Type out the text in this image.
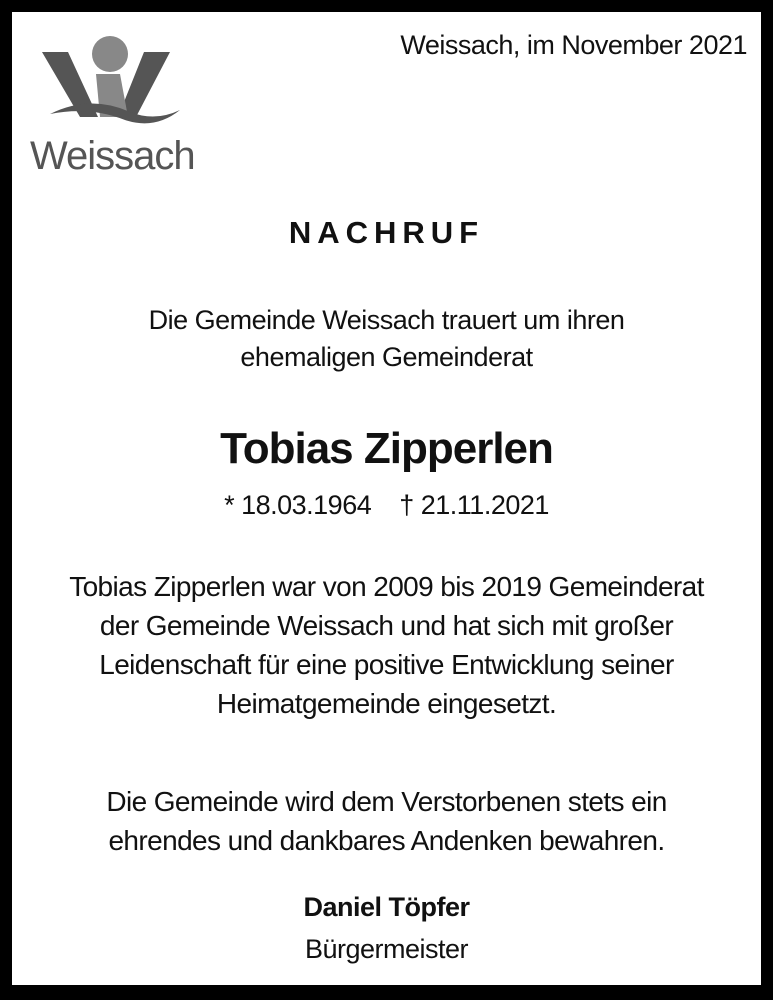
Weissach
Weissach, im November 2021
NACHRUF
Die Gemeinde Weissach trauert um ihren
ehemaligen Gemeinderat
Tobias Zipperlen
* 18.03.1964 † 21.11.2021
Tobias Zipperlen war von 2009 bis 2019 Gemeinderat
der Gemeinde Weissach und hat sich mit großer
Leidenschaft für eine positive Entwicklung seiner
Heimatgemeinde eingesetzt.
Die Gemeinde wird dem Verstorbenen stets ein
ehrendes und dankbares Andenken bewahren.
Daniel Töpfer
Bürgermeister
